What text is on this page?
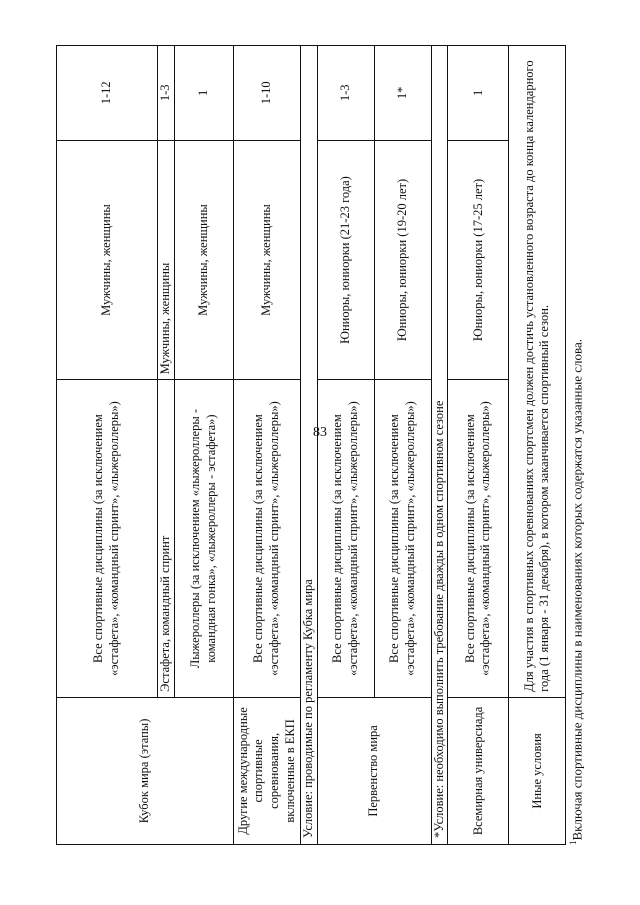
83
Кубок мира (этапы)	Все спортивные дисциплины (за исключением «эстафета», «командный спринт», «лыжероллеры»)	Мужчины, женщины	1-12
	Эстафета, командный спринт	Мужчины, женщины	1-3
	Лыжероллеры (за исключением «лыжероллеры - командная гонка», «лыжероллеры - эстафета»)	Мужчины, женщины	1
Другие международные спортивные соревнования, включенные в ЕКП	Все спортивные дисциплины (за исключением «эстафета», «командный спринт», «лыжероллеры»)	Мужчины, женщины	1-10
Условие: проводимые по регламенту Кубка мира			
Первенство мира	Все спортивные дисциплины (за исключением «эстафета», «командный спринт», «лыжероллеры»)	Юниоры, юниорки (21-23 года)	1-3
	Все спортивные дисциплины (за исключением «эстафета», «командный спринт», «лыжероллеры»)	Юниоры, юниорки (19-20 лет)	1*
*Условие: необходимо выполнить требование дважды в одном спортивном сезоне			
Всемирная универсиада	Все спортивные дисциплины (за исключением «эстафета», «командный спринт», «лыжероллеры»)	Юниоры, юниорки (17-25 лет)	1
Иные условия	Для участия в спортивных соревнованиях спортсмен должен достичь установленного возраста до конца календарного года (1 января - 31 декабря), в котором заканчивается спортивный сезон.		
$^1$Включая спортивные дисциплины в наименованиях которых содержатся указанные слова.
